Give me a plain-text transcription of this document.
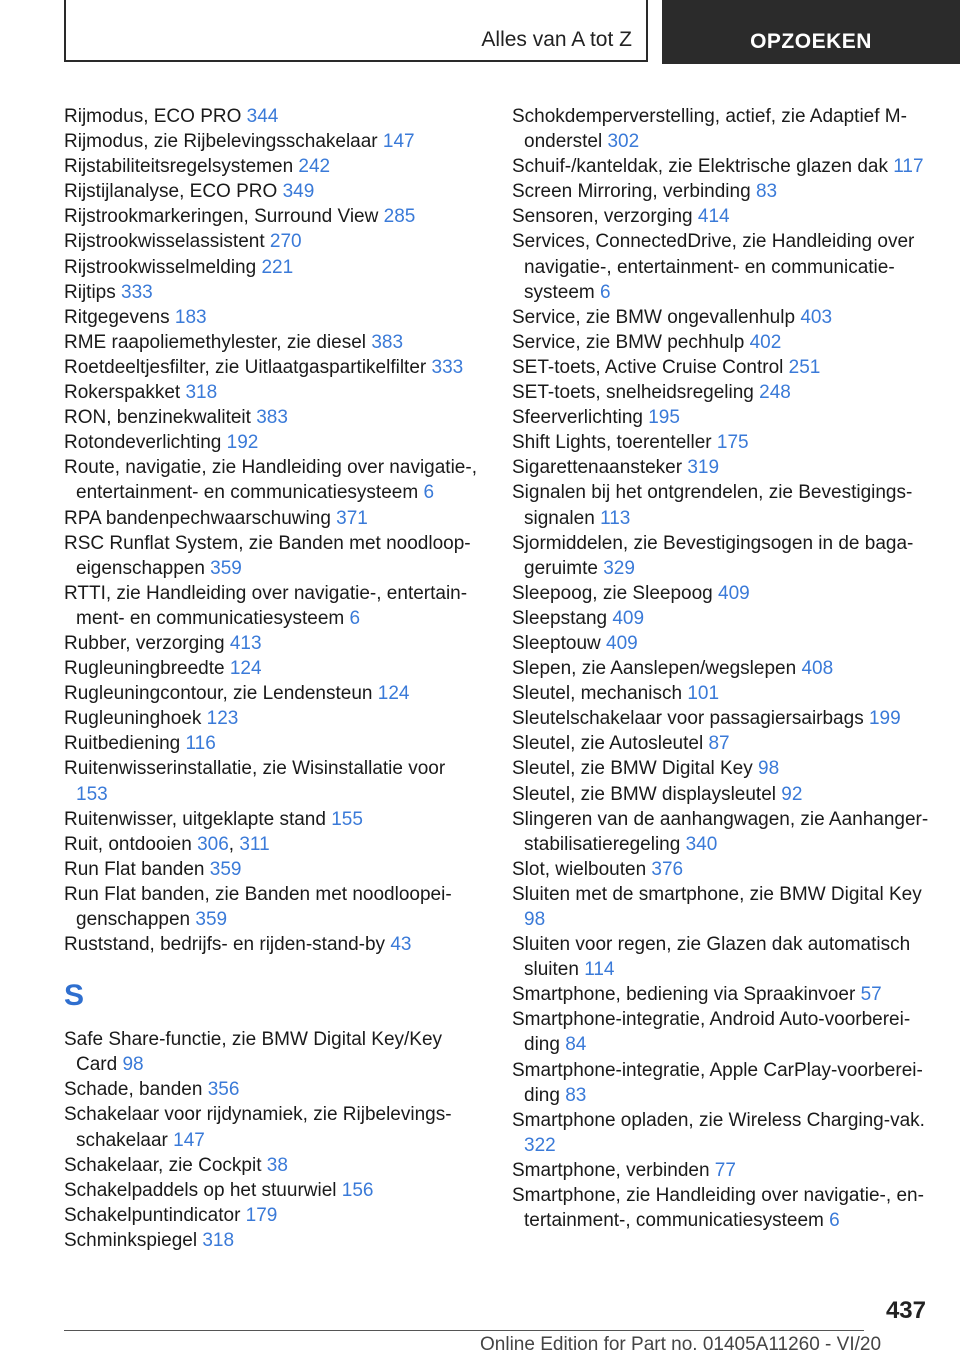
Alles van A tot Z	OPZOEKEN
Rijmodus, ECO PRO 344
Rijmodus, zie Rijbelevingsschakelaar 147
Rijstabiliteitsregelsystemen 242
Rijstijlanalyse, ECO PRO 349
Rijstrookmarkeringen, Surround View 285
Rijstrookwisselassistent 270
Rijstrookwisselmelding 221
Rijtips 333
Ritgegevens 183
RME raapoliemethylester, zie diesel 383
Roetdeeltjesfilter, zie Uitlaatgaspartikelfilter 333
Rokerspakket 318
RON, benzinekwaliteit 383
Rotondeverlichting 192
Route, navigatie, zie Handleiding over navigatie-, entertainment- en communicatiesysteem 6
RPA bandenpechwaarschuwing 371
RSC Runflat System, zie Banden met noodloop-eigenschappen 359
RTTI, zie Handleiding over navigatie-, entertain-ment- en communicatiesysteem 6
Rubber, verzorging 413
Rugleuningbreedte 124
Rugleuningcontour, zie Lendensteun 124
Rugleuninghoek 123
Ruitbediening 116
Ruitenwisserinstallatie, zie Wisinstallatie voor 153
Ruitenwisser, uitgeklapte stand 155
Ruit, ontdooien 306, 311
Run Flat banden 359
Run Flat banden, zie Banden met noodloopei-genschappen 359
Ruststand, bedrijfs- en rijden-stand-by 43
S
Safe Share-functie, zie BMW Digital Key/Key Card 98
Schade, banden 356
Schakelaar voor rijdynamiek, zie Rijbelevings-schakelaar 147
Schakelaar, zie Cockpit 38
Schakelpaddels op het stuurwiel 156
Schakelpuntindicator 179
Schminkspiegel 318
Schokdemperverstelling, actief, zie Adaptief M-onderstel 302
Schuif-/kanteldak, zie Elektrische glazen dak 117
Screen Mirroring, verbinding 83
Sensoren, verzorging 414
Services, ConnectedDrive, zie Handleiding over navigatie-, entertainment- en communicatie-systeem 6
Service, zie BMW ongevallenhulp 403
Service, zie BMW pechhulp 402
SET-toets, Active Cruise Control 251
SET-toets, snelheidsregeling 248
Sfeerverlichting 195
Shift Lights, toerenteller 175
Sigarettenaansteker 319
Signalen bij het ontgrendelen, zie Bevestigings-signalen 113
Sjormiddelen, zie Bevestigingsogen in de baga-geruimte 329
Sleepoog, zie Sleepoog 409
Sleepstang 409
Sleeptouw 409
Slepen, zie Aanslepen/wegslepen 408
Sleutel, mechanisch 101
Sleutelschakelaar voor passagiersairbags 199
Sleutel, zie Autosleutel 87
Sleutel, zie BMW Digital Key 98
Sleutel, zie BMW displaysleutel 92
Slingeren van de aanhangwagen, zie Aanhanger-stabilisatieregeling 340
Slot, wielbouten 376
Sluiten met de smartphone, zie BMW Digital Key 98
Sluiten voor regen, zie Glazen dak automatisch sluiten 114
Smartphone, bediening via Spraakinvoer 57
Smartphone-integratie, Android Auto-voorberei-ding 84
Smartphone-integratie, Apple CarPlay-voorberei-ding 83
Smartphone opladen, zie Wireless Charging-vak. 322
Smartphone, verbinden 77
Smartphone, zie Handleiding over navigatie-, en-tertainment-, communicatiesysteem 6
437
Online Edition for Part no. 01405A11260 - VI/20
